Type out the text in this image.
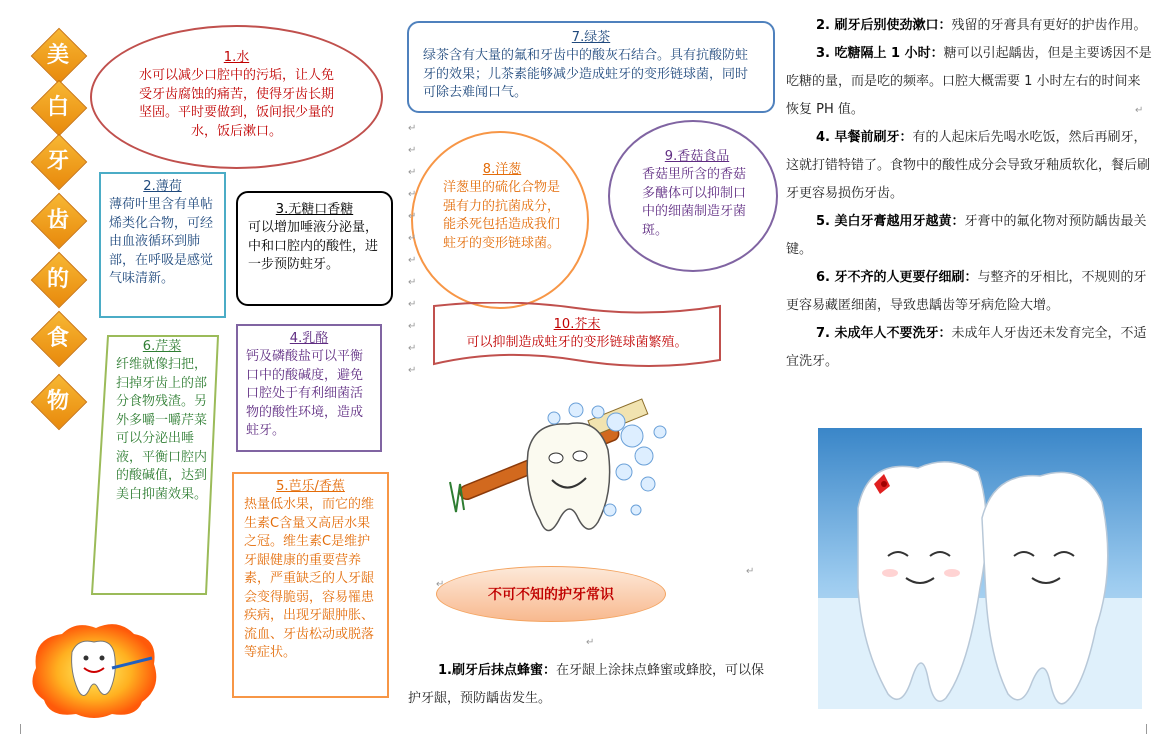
美
白
牙
齿
的
食
物
1.水
水可以减少口腔中的污垢，让人免受牙齿腐蚀的痛苦，使得牙齿长期坚固。平时要做到，饭间抿少量的水，饭后漱口。
2.薄荷
薄荷叶里含有单帖烯类化合物，可经由血液循环到肺部，在呼吸是感觉气味清新。
3.无糖口香糖
可以增加唾液分泌量，中和口腔内的酸性，进一步预防蛀牙。
4.乳酪
钙及磷酸盐可以平衡口中的酸碱度，避免口腔处于有利细菌活物的酸性环境，造成蛀牙。
6.芹菜
纤维就像扫把，扫掉牙齿上的部分食物残渣。另外多嚼一嚼芹菜可以分泌出唾液，平衡口腔内的酸碱值，达到美白抑菌效果。
5.芭乐/香蕉
热量低水果，而它的维生素C含量又高居水果之冠。维生素C是维护牙龈健康的重要营养素，严重缺乏的人牙龈会变得脆弱，容易罹患疾病，出现牙龈肿胀、流血、牙齿松动或脱落等症状。
7.绿茶
绿茶含有大量的氟和牙齿中的酸灰石结合。具有抗酸防蛀牙的效果；儿茶素能够减少造成蛀牙的变形链球菌，同时可除去难闻口气。
8.洋葱
洋葱里的硫化合物是强有力的抗菌成分，能杀死包括造成我们蛀牙的变形链球菌。
9.香菇食品
香菇里所含的香菇多醣体可以抑制口中的细菌制造牙菌斑。
10.芥末
可以抑制造成蛀牙的变形链球菌繁殖。
不可不知的护牙常识
1.刷牙后抹点蜂蜜：在牙龈上涂抹点蜂蜜或蜂胶，可以保护牙龈，预防龋齿发生。

2. 刷牙后别使劲漱口：残留的牙膏具有更好的护齿作用。

3. 吃糖隔上 1 小时：糖可以引起龋齿，但是主要诱因不是吃糖的量，而是吃的频率。口腔大概需要 1 小时左右的时间来恢复 PH 值。

4. 早餐前刷牙：有的人起床后先喝水吃饭，然后再刷牙，这就打错特错了。食物中的酸性成分会导致牙釉质软化，餐后刷牙更容易损伤牙齿。

5. 美白牙膏越用牙越黄：牙膏中的氟化物对预防龋齿最关键。

6. 牙不齐的人更要仔细刷：与整齐的牙相比，不规则的牙更容易藏匿细菌，导致患龋齿等牙病危险大增。

7. 未成年人不要洗牙：未成年人牙齿还未发育完全，不适宜洗牙。

↵
↵
↵
↵
↵
↵
↵
↵
↵
↵
↵
↵
↵
↵
↵
↵
